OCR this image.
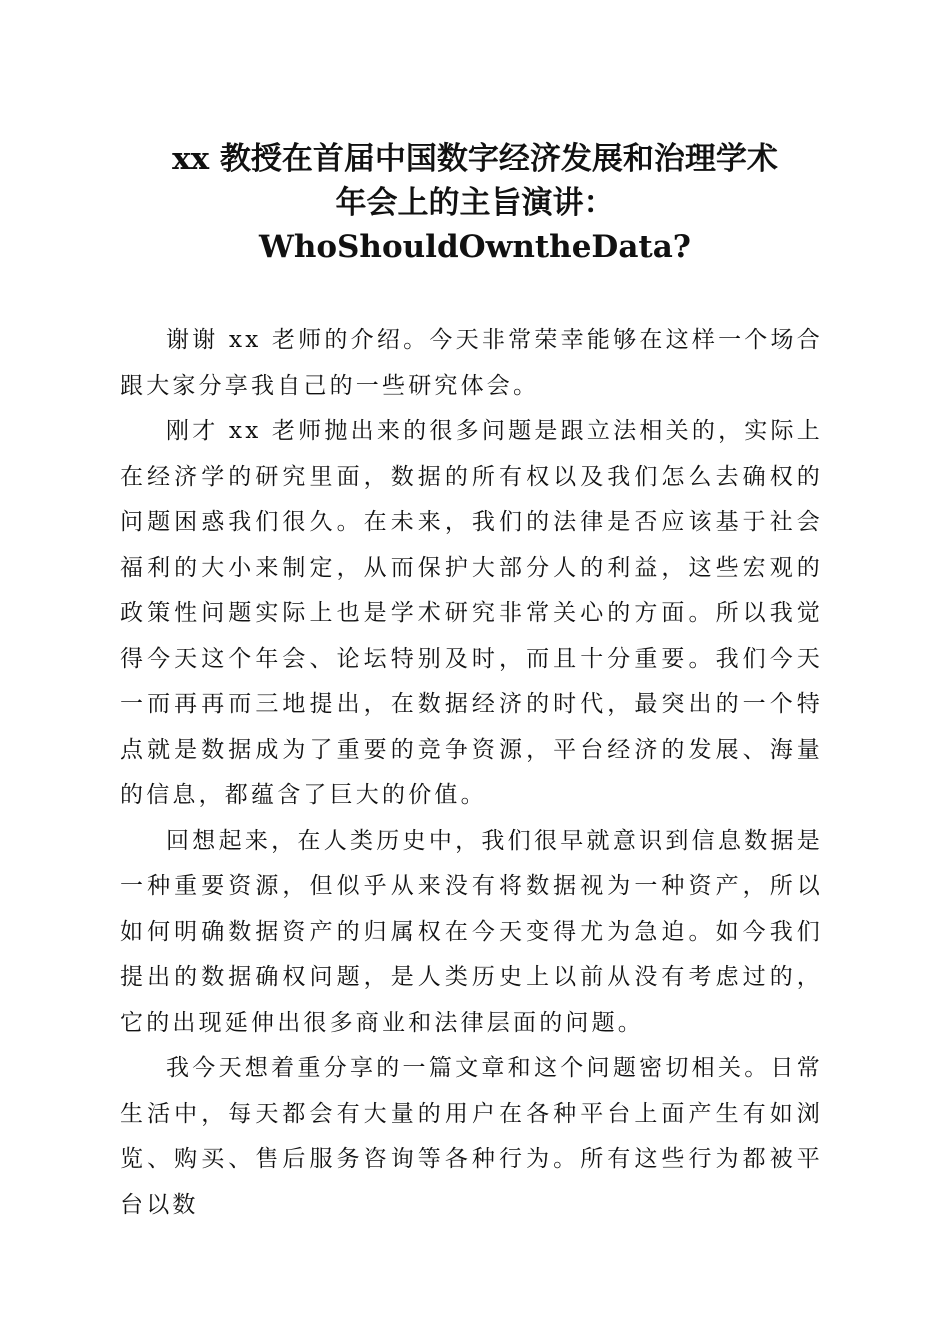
xx 教授在首届中国数字经济发展和治理学术
年会上的主旨演讲：
WhoShouldOwntheData?

谢谢 xx 老师的介绍。今天非常荣幸能够在这样一个场合跟大家分享我自己的一些研究体会。

刚才 xx 老师抛出来的很多问题是跟立法相关的，实际上在经济学的研究里面，数据的所有权以及我们怎么去确权的问题困惑我们很久。在未来，我们的法律是否应该基于社会福利的大小来制定，从而保护大部分人的利益，这些宏观的政策性问题实际上也是学术研究非常关心的方面。所以我觉得今天这个年会、论坛特别及时，而且十分重要。我们今天一而再再而三地提出，在数据经济的时代，最突出的一个特点就是数据成为了重要的竞争资源，平台经济的发展、海量的信息，都蕴含了巨大的价值。

回想起来，在人类历史中，我们很早就意识到信息数据是一种重要资源，但似乎从来没有将数据视为一种资产，所以如何明确数据资产的归属权在今天变得尤为急迫。如今我们提出的数据确权问题，是人类历史上以前从没有考虑过的，它的出现延伸出很多商业和法律层面的问题。

我今天想着重分享的一篇文章和这个问题密切相关。日常生活中，每天都会有大量的用户在各种平台上面产生有如浏览、购买、售后服务咨询等各种行为。所有这些行为都被平台以数
